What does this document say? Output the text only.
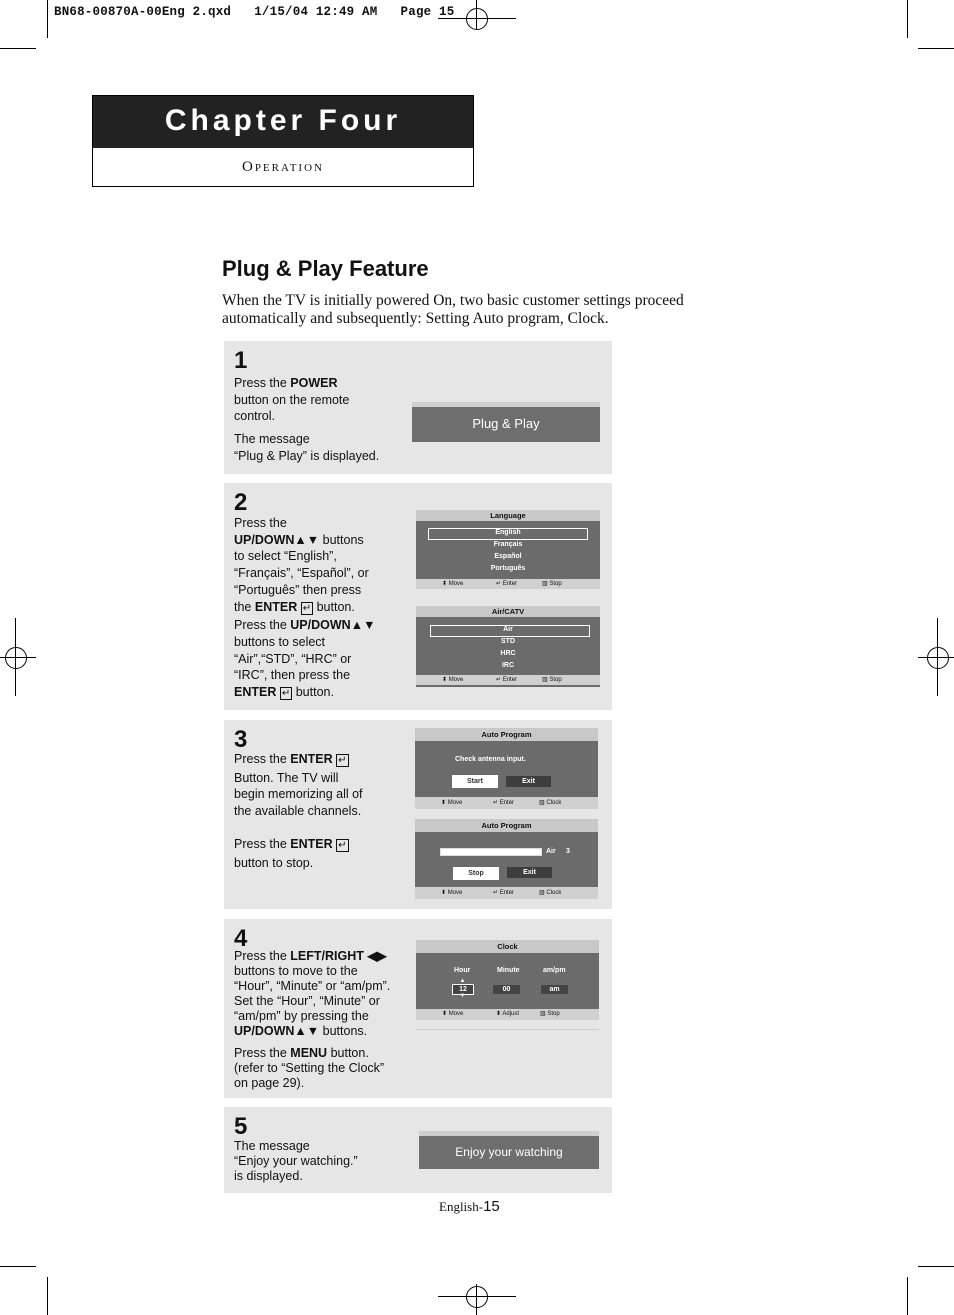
BN68-00870A-00Eng 2.qxd   1/15/04 12:49 AM   Page 15
Chapter Four
Operation
Plug & Play Feature
When the TV is initially powered On, two basic customer settings proceed automatically and subsequently: Setting Auto program, Clock.
1
Press the POWER
button on the remote
control.
The message
“Plug & Play” is displayed.
Plug & Play
2
Press the
UP/DOWN▲▼ buttons
to select “English”,
“Français”, “Español”, or
“Português” then press
the ENTER ↵ button.
Press the UP/DOWN▲▼
buttons to select
“Air”,“STD”, “HRC” or
“IRC”, then press the
ENTER ↵ button.
Language
English
Français
Español
Português
⬍ Move	↵ Enter	▥ Stop
Air/CATV
Air
STD
HRC
IRC
⬍ Move	↵ Enter	▥ Stop
3
Press the ENTER ↵
Button. The TV will
begin memorizing all of
the available channels.
Press the ENTER ↵
button to stop.
Auto Program
Check antenna input.
Start	Exit
⬍ Move	↵ Enter	▥ Clock
Auto Program
Air 3
Stop	Exit
⬍ Move	↵ Enter	▥ Clock
4
Press the LEFT/RIGHT ◀▶
buttons to move to the
“Hour”, “Minute” or “am/pm”.
Set the “Hour”, “Minute” or
“am/pm” by pressing the
UP/DOWN▲▼ buttons.
Press the MENU button.
(refer to “Setting the Clock”
on page 29).
Clock
Hour	Minute	am/pm
▲
12
▼
00	am
⬍ Move	⬍ Adjust	▥ Stop
5
The message
“Enjoy your watching.”
is displayed.
Enjoy your watching
English-15
